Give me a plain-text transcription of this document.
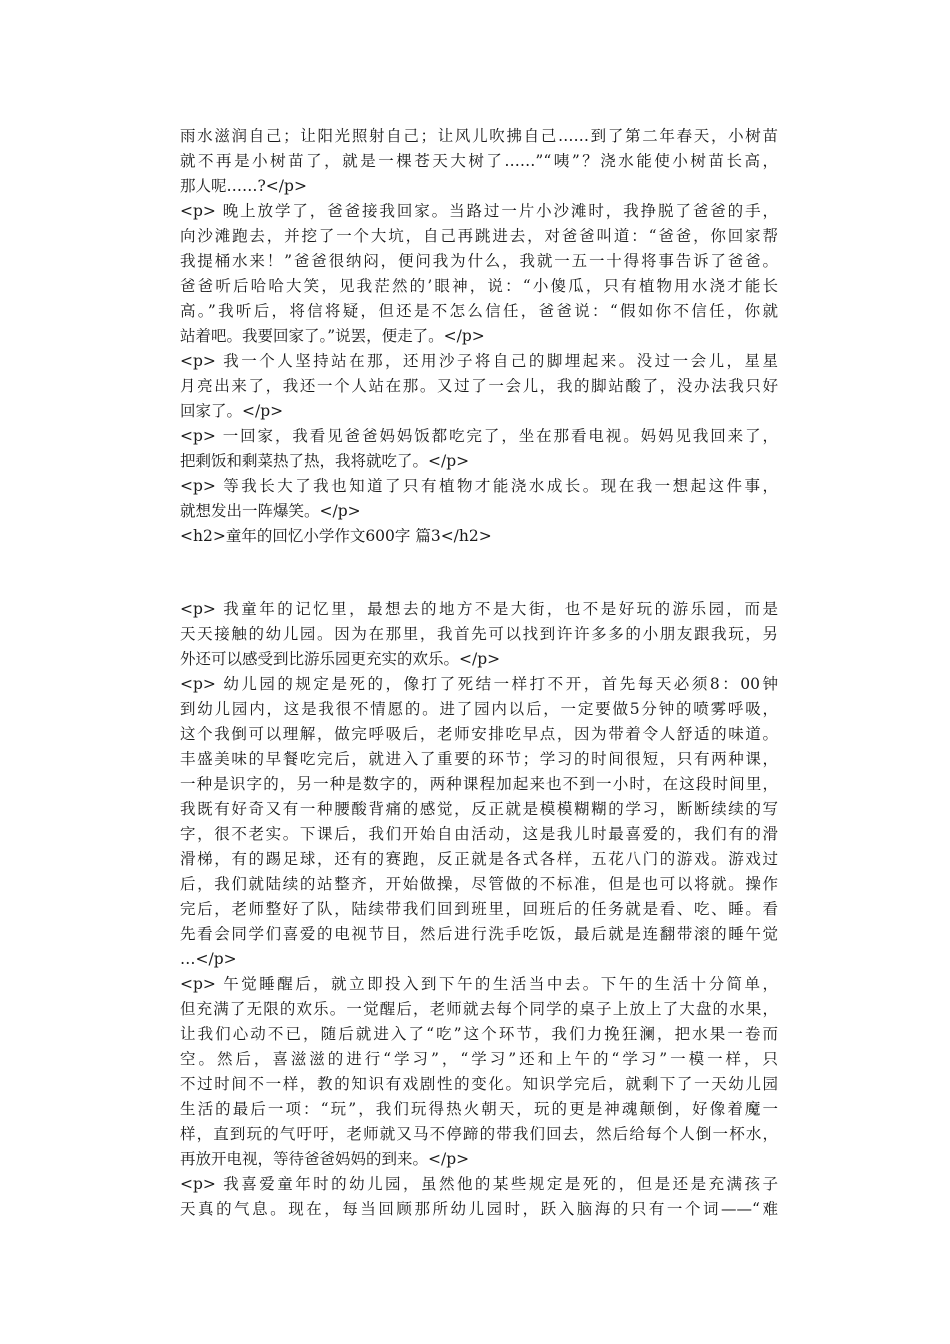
雨水滋润自己；让阳光照射自己；让风儿吹拂自己……到了第二年春天，小树苗
就不再是小树苗了，就是一棵苍天大树了……”“咦”？浇水能使小树苗长高，
那人呢……?</p>
<p> 晚上放学了，爸爸接我回家。当路过一片小沙滩时，我挣脱了爸爸的手，
向沙滩跑去，并挖了一个大坑，自己再跳进去，对爸爸叫道：“爸爸，你回家帮
我提桶水来！”爸爸很纳闷，便问我为什么，我就一五一十得将事告诉了爸爸。
爸爸听后哈哈大笑，见我茫然的’眼神，说：“小傻瓜，只有植物用水浇才能长
高。”我听后，将信将疑，但还是不怎么信任，爸爸说：“假如你不信任，你就
站着吧。我要回家了。”说罢，便走了。</p>
<p> 我一个人坚持站在那，还用沙子将自己的脚埋起来。没过一会儿，星星
月亮出来了，我还一个人站在那。又过了一会儿，我的脚站酸了，没办法我只好
回家了。</p>
<p> 一回家，我看见爸爸妈妈饭都吃完了，坐在那看电视。妈妈见我回来了，
把剩饭和剩菜热了热，我将就吃了。</p>
<p> 等我长大了我也知道了只有植物才能浇水成长。现在我一想起这件事，
就想发出一阵爆笑。</p>
<h2>童年的回忆小学作文600字 篇3</h2>
<p> 我童年的记忆里，最想去的地方不是大街，也不是好玩的游乐园，而是
天天接触的幼儿园。因为在那里，我首先可以找到许许多多的小朋友跟我玩，另
外还可以感受到比游乐园更充实的欢乐。</p>
<p> 幼儿园的规定是死的，像打了死结一样打不开，首先每天必须8：00钟
到幼儿园内，这是我很不情愿的。进了园内以后，一定要做5分钟的喷雾呼吸，
这个我倒可以理解，做完呼吸后，老师安排吃早点，因为带着令人舒适的味道。
丰盛美味的早餐吃完后，就进入了重要的环节；学习的时间很短，只有两种课，
一种是识字的，另一种是数字的，两种课程加起来也不到一小时，在这段时间里，
我既有好奇又有一种腰酸背痛的感觉，反正就是模模糊糊的学习，断断续续的写
字，很不老实。下课后，我们开始自由活动，这是我儿时最喜爱的，我们有的滑
滑梯，有的踢足球，还有的赛跑，反正就是各式各样，五花八门的游戏。游戏过
后，我们就陆续的站整齐，开始做操，尽管做的不标准，但是也可以将就。操作
完后，老师整好了队，陆续带我们回到班里，回班后的任务就是看、吃、睡。看
先看会同学们喜爱的电视节目，然后进行洗手吃饭，最后就是连翻带滚的睡午觉
…</p>
<p> 午觉睡醒后，就立即投入到下午的生活当中去。下午的生活十分简单，
但充满了无限的欢乐。一觉醒后，老师就去每个同学的桌子上放上了大盘的水果，
让我们心动不已，随后就进入了“吃”这个环节，我们力挽狂澜，把水果一卷而
空。然后，喜滋滋的进行“学习”，“学习”还和上午的“学习”一模一样，只
不过时间不一样，教的知识有戏剧性的变化。知识学完后，就剩下了一天幼儿园
生活的最后一项：“玩”，我们玩得热火朝天，玩的更是神魂颠倒，好像着魔一
样，直到玩的气吁吁，老师就又马不停蹄的带我们回去，然后给每个人倒一杯水，
再放开电视，等待爸爸妈妈的到来。</p>
<p> 我喜爱童年时的幼儿园，虽然他的某些规定是死的，但是还是充满孩子
天真的气息。现在，每当回顾那所幼儿园时，跃入脑海的只有一个词——“难
